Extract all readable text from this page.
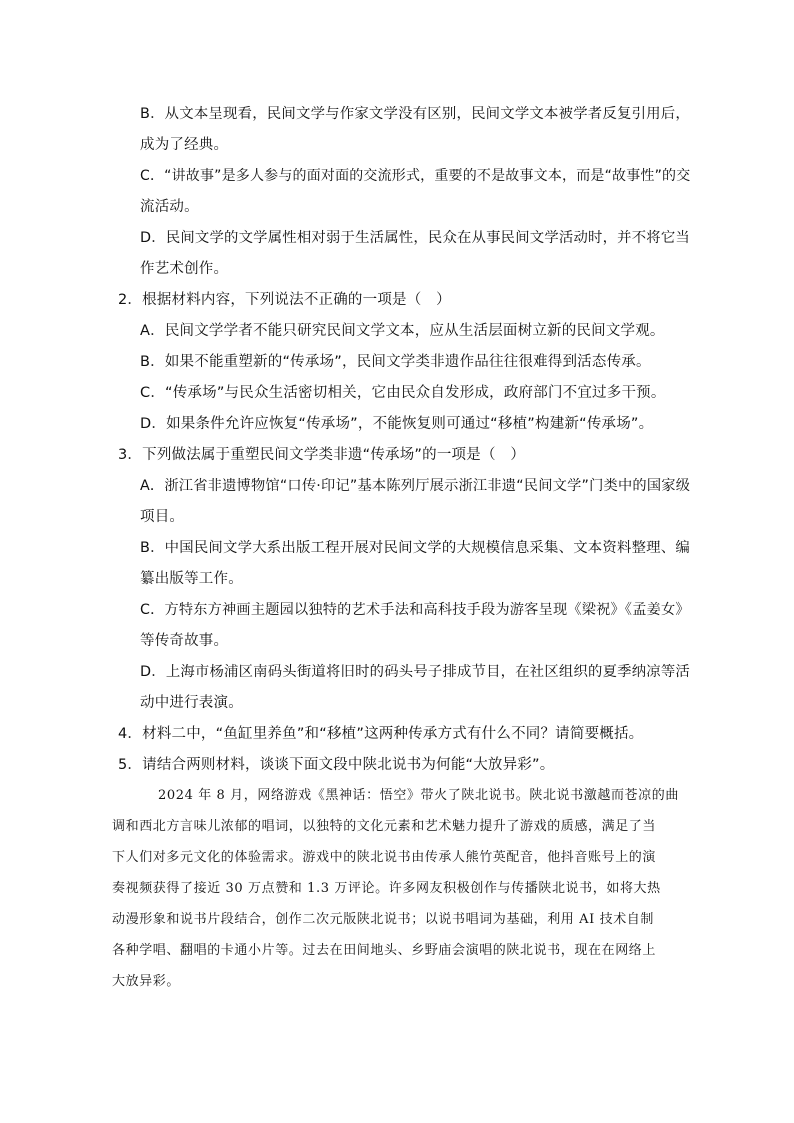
B．从文本呈现看，民间文学与作家文学没有区别，民间文学文本被学者反复引用后，
成为了经典。
C．“讲故事”是多人参与的面对面的交流形式，重要的不是故事文本，而是“故事性”的交
流活动。
D．民间文学的文学属性相对弱于生活属性，民众在从事民间文学活动时，并不将它当
作艺术创作。
2．根据材料内容，下列说法不正确的一项是（　）
A．民间文学学者不能只研究民间文学文本，应从生活层面树立新的民间文学观。
B．如果不能重塑新的“传承场”，民间文学类非遗作品往往很难得到活态传承。
C．“传承场”与民众生活密切相关，它由民众自发形成，政府部门不宜过多干预。
D．如果条件允许应恢复“传承场”，不能恢复则可通过“移植”构建新“传承场”。
3．下列做法属于重塑民间文学类非遗“传承场”的一项是（　）
A．浙江省非遗博物馆“口传·印记”基本陈列厅展示浙江非遗“民间文学”门类中的国家级
项目。
B．中国民间文学大系出版工程开展对民间文学的大规模信息采集、文本资料整理、编
纂出版等工作。
C．方特东方神画主题园以独特的艺术手法和高科技手段为游客呈现《梁祝》《孟姜女》
等传奇故事。
D．上海市杨浦区南码头街道将旧时的码头号子排成节目，在社区组织的夏季纳凉等活
动中进行表演。
4．材料二中，“鱼缸里养鱼”和“移植”这两种传承方式有什么不同？请简要概括。
5．请结合两则材料，谈谈下面文段中陕北说书为何能“大放异彩”。
2024 年 8 月，网络游戏《黑神话：悟空》带火了陕北说书。陕北说书激越而苍凉的曲
调和西北方言味儿浓郁的唱词，以独特的文化元素和艺术魅力提升了游戏的质感，满足了当
下人们对多元文化的体验需求。游戏中的陕北说书由传承人熊竹英配音，他抖音账号上的演
奏视频获得了接近 30 万点赞和 1.3 万评论。许多网友积极创作与传播陕北说书，如将大热
动漫形象和说书片段结合，创作二次元版陕北说书；以说书唱词为基础，利用 AI 技术自制
各种学唱、翻唱的卡通小片等。过去在田间地头、乡野庙会演唱的陕北说书，现在在网络上
大放异彩。
